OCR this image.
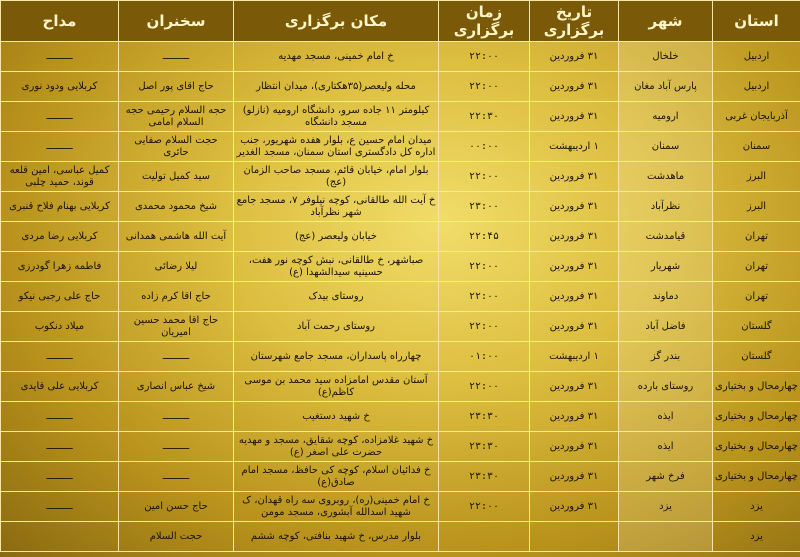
استان	شهر	تاریخ برگزاری	زمان برگزاری	مکان برگزاری	سخنران	مداح
اردبیل	خلخال	۳۱ فروردین	۲۲:۰۰	خ امام خمینی، مسجد مهدیه	ـــــــــ	ـــــــــ
اردبیل	پارس آباد مغان	۳۱ فروردین	۲۲:۰۰	محله ولیعصر(۳۵هکتاری)، میدان انتظار	حاج اقای پور اصل	کربلایی ودود نوری
آذربایجان غربی	ارومیه	۳۱ فروردین	۲۲:۳۰	کیلومتر ۱۱ جاده سرو، دانشگاه ارومیه (نازلو) مسجد دانشگاه	حجه السلام رحیمی حجه السلام امامی	ـــــــــ
سمنان	سمنان	۱ اردیبهشت	۰۰:۰۰	میدان امام حسین ع، بلوار هفده شهریور، جنب اداره کل دادگستری استان سمنان، مسجد الغدیر	حجت السلام صفایی حائری	ـــــــــ
البرز	ماهدشت	۳۱ فروردین	۲۲:۰۰	بلوار امام، خیابان قائم، مسجد صاحب الزمان (عج)	سید کمیل تولیت	کمیل عباسی، امین قلعه قوند، حمید چلبی
البرز	نظرآباد	۳۱ فروردین	۲۳:۰۰	خ آیت الله طالقانی، کوچه نیلوفر ۷، مسجد جامع شهر نظرآباد	شیخ محمود محمدی	کربلایی بهنام فلاح قنبری
تهران	قیامدشت	۳۱ فروردین	۲۲:۴۵	خیابان ولیعصر (عج)	آیت الله هاشمی همدانی	کربلایی رضا مردی
تهران	شهریار	۳۱ فروردین	۲۲:۰۰	صباشهر، خ طالقانی، نبش کوچه نور هفت، حسینیه سیدالشهدا (ع)	لیلا رضائی	فاطمه زهرا گودرزی
تهران	دماوند	۳۱ فروردین	۲۲:۰۰	روستای بیدک	حاج اقا کرم زاده	حاج علی رجبی نیکو
گلستان	فاضل آباد	۳۱ فروردین	۲۲:۰۰	روستای رحمت آباد	حاج اقا محمد حسین امیریان	میلاد دنکوب
گلستان	بندر گز	۱ اردیبهشت	۰۱:۰۰	چهارراه پاسداران، مسجد جامع شهرستان	ـــــــــ	ـــــــــ
چهارمحال و بختیاری	روستای بارده	۳۱ فروردین	۲۲:۰۰	آستان مقدس امامزاده سید محمد بن موسی کاظم(ع)	شیخ عباس انصاری	کربلایی علی قایدی
چهارمحال و بختیاری	ایذه	۳۱ فروردین	۲۳:۳۰	خ شهید دستغیب	ـــــــــ	ـــــــــ
چهارمحال و بختیاری	ایذه	۳۱ فروردین	۲۳:۳۰	خ شهید غلامزاده، کوچه شقایق، مسجد و مهدیه حضرت علی اصغر (ع)	ـــــــــ	ـــــــــ
چهارمحال و بختیاری	فرخ شهر	۳۱ فروردین	۲۳:۳۰	خ فدائیان اسلام، کوچه کی حافظ، مسجد امام صادق(ع)	ـــــــــ	ـــــــــ
یزد	یزد	۳۱ فروردین	۲۲:۰۰	خ امام خمینی(ره)، روبروی سه راه قهدان، ک شهید اسدالله آبشوری، مسجد مومن	حاج حسن امین	ـــــــــ
یزد				بلوار مدرس، خ شهید بنافتی، کوچه ششم	حجت السلام	
